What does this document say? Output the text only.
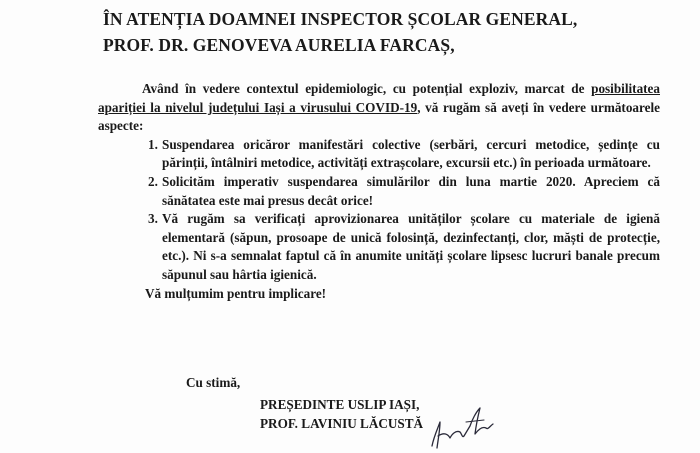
ÎN ATENȚIA DOAMNEI INSPECTOR ȘCOLAR GENERAL,
PROF. DR. GENOVEVA AURELIA FARCAȘ,

Având în vedere contextul epidemiologic, cu potențial exploziv, marcat de posibilitatea apariției la nivelul județului Iași a virusului COVID-19, vă rugăm să aveți în vedere următoarele aspecte:

1. Suspendarea oricăror manifestări colective (serbări, cercuri metodice, ședințe cu părinții, întâlniri metodice, activități extrașcolare, excursii etc.) în perioada următoare.
2. Solicităm imperativ suspendarea simulărilor din luna martie 2020. Apreciem că sănătatea este mai presus decât orice!
3. Vă rugăm sa verificați aprovizionarea unităților școlare cu materiale de igienă elementară (săpun, prosoape de unică folosință, dezinfectanți, clor, măști de protecție, etc.). Ni s-a semnalat faptul că în anumite unități școlare lipsesc lucruri banale precum săpunul sau hârtia igienică.

Vă mulțumim pentru implicare!

Cu stimă,
PREȘEDINTE USLIP IAȘI,
PROF. LAVINIU LĂCUSTĂ
